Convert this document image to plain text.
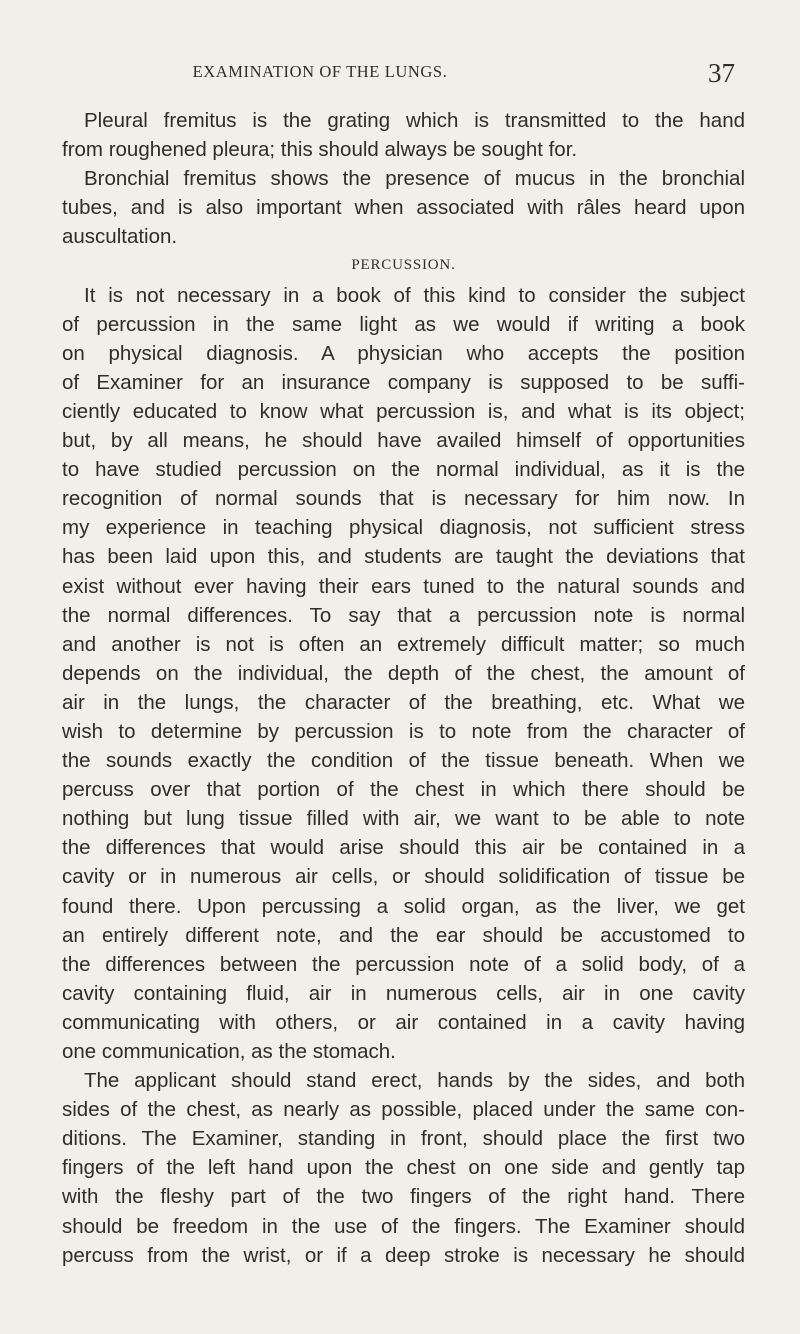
EXAMINATION OF THE LUNGS.	37
Pleural fremitus is the grating which is transmitted to the hand
from roughened pleura; this should always be sought for.
Bronchial fremitus shows the presence of mucus in the bronchial
tubes, and is also important when associated with râles heard upon
auscultation.
PERCUSSION.
It is not necessary in a book of this kind to consider the subject
of percussion in the same light as we would if writing a book
on physical diagnosis. A physician who accepts the position
of Examiner for an insurance company is supposed to be suffi-
ciently educated to know what percussion is, and what is its object;
but, by all means, he should have availed himself of opportunities
to have studied percussion on the normal individual, as it is the
recognition of normal sounds that is necessary for him now. In
my experience in teaching physical diagnosis, not sufficient stress
has been laid upon this, and students are taught the deviations that
exist without ever having their ears tuned to the natural sounds and
the normal differences. To say that a percussion note is normal
and another is not is often an extremely difficult matter; so much
depends on the individual, the depth of the chest, the amount of
air in the lungs, the character of the breathing, etc. What we
wish to determine by percussion is to note from the character of
the sounds exactly the condition of the tissue beneath. When we
percuss over that portion of the chest in which there should be
nothing but lung tissue filled with air, we want to be able to note
the differences that would arise should this air be contained in a
cavity or in numerous air cells, or should solidification of tissue be
found there. Upon percussing a solid organ, as the liver, we get
an entirely different note, and the ear should be accustomed to
the differences between the percussion note of a solid body, of a
cavity containing fluid, air in numerous cells, air in one cavity
communicating with others, or air contained in a cavity having
one communication, as the stomach.
The applicant should stand erect, hands by the sides, and both
sides of the chest, as nearly as possible, placed under the same con-
ditions. The Examiner, standing in front, should place the first two
fingers of the left hand upon the chest on one side and gently tap
with the fleshy part of the two fingers of the right hand. There
should be freedom in the use of the fingers. The Examiner should
percuss from the wrist, or if a deep stroke is necessary he should
